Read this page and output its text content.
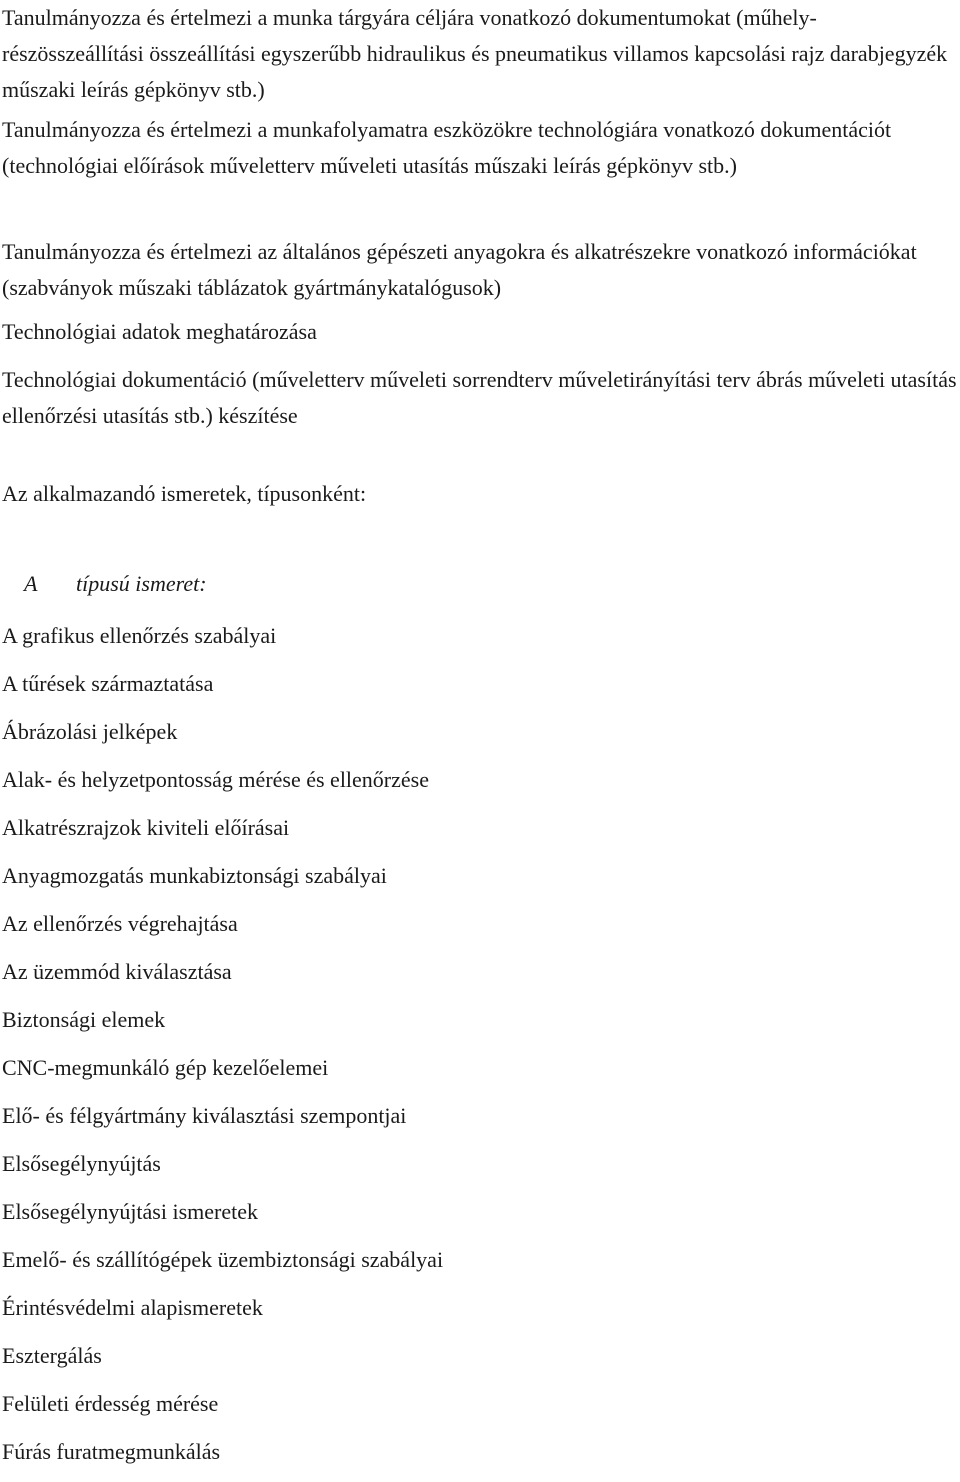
Tanulmányozza és értelmezi a munka tárgyára céljára vonatkozó dokumentumokat (műhely-részösszeállítási összeállítási egyszerűbb hidraulikus és pneumatikus villamos kapcsolási rajz darabjegyzék műszaki leírás gépkönyv stb.)
Tanulmányozza és értelmezi a munkafolyamatra eszközökre technológiára vonatkozó dokumentációt (technológiai előírások műveletterv műveleti utasítás műszaki leírás gépkönyv stb.)
Tanulmányozza és értelmezi az általános gépészeti anyagokra és alkatrészekre vonatkozó információkat (szabványok műszaki táblázatok gyártmánykatalógusok)
Technológiai adatok meghatározása
Technológiai dokumentáció (műveletterv műveleti sorrendterv műveletirányítási terv ábrás műveleti utasítás ellenőrzési utasítás stb.) készítése
Az alkalmazandó ismeretek, típusonként:
A típusú ismeret:
A grafikus ellenőrzés szabályai
A tűrések származtatása
Ábrázolási jelképek
Alak- és helyzetpontosság mérése és ellenőrzése
Alkatrészrajzok kiviteli előírásai
Anyagmozgatás munkabiztonsági szabályai
Az ellenőrzés végrehajtása
Az üzemmód kiválasztása
Biztonsági elemek
CNC-megmunkáló gép kezelőelemei
Elő- és félgyártmány kiválasztási szempontjai
Elsősegélynyújtás
Elsősegélynyújtási ismeretek
Emelő- és szállítógépek üzembiztonsági szabályai
Érintésvédelmi alapismeretek
Esztergálás
Felületi érdesség mérése
Fúrás furatmegmunkálás
